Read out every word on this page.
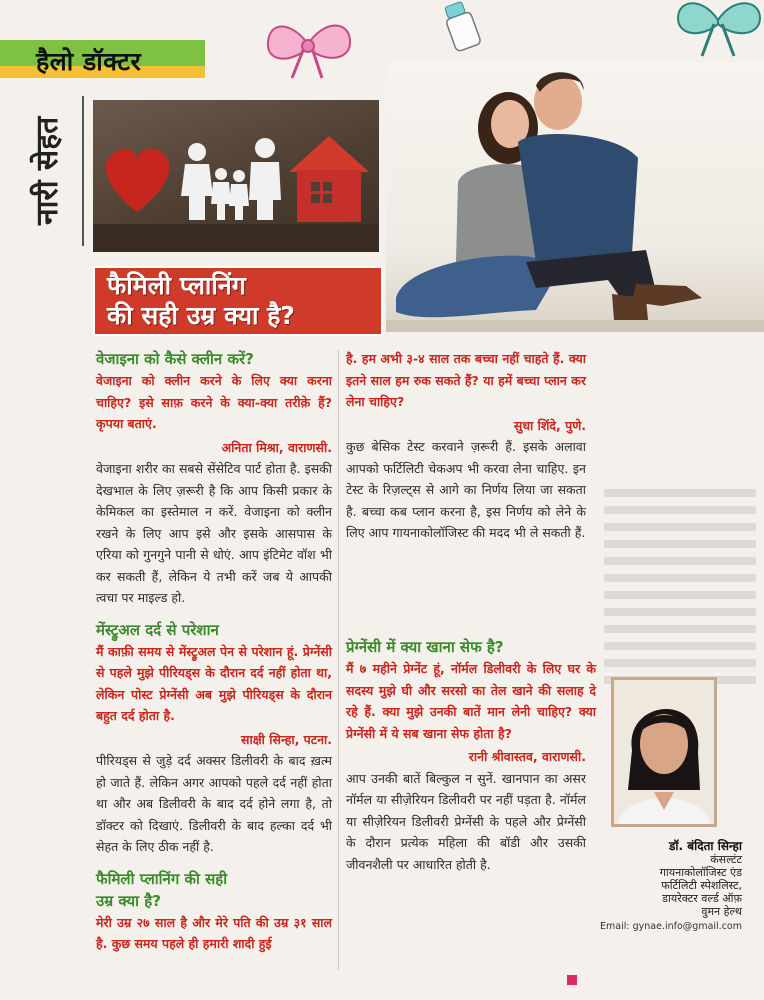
हैलो डॉक्टर
नारी सेहत
फैमिली प्लानिंग
की सही उम्र क्या है?

वेजाइना को कैसे क्लीन करें?

वेजाइना को क्लीन करने के लिए क्या करना चाहिए? इसे साफ़ करने के क्या-क्या तरीक़े हैं? कृपया बताएं.

अनिता मिश्रा, वाराणसी.

वेजाइना शरीर का सबसे सेंसेटिव पार्ट होता है. इसकी देखभाल के लिए ज़रूरी है कि आप किसी प्रकार के केमिकल का इस्तेमाल न करें. वेजाइना को क्लीन रखने के लिए आप इसे और इसके आसपास के एरिया को गुनगुने पानी से धोएं. आप इंटिमेट वॉश भी कर सकती हैं, लेकिन ये तभी करें जब ये आपकी त्वचा पर माइल्ड हो.

मेंस्ट्रुअल दर्द से परेशान

मैं काफ़ी समय से मेंस्ट्रुअल पेन से परेशान हूं. प्रेग्नेंसी से पहले मुझे पीरियड्स के दौरान दर्द नहीं होता था, लेकिन पोस्ट प्रेग्नेंसी अब मुझे पीरियड्स के दौरान बहुत दर्द होता है.

साक्षी सिन्हा, पटना.

पीरियड्स से जुड़े दर्द अक्सर डिलीवरी के बाद ख़त्म हो जाते हैं. लेकिन अगर आपको पहले दर्द नहीं होता था और अब डिलीवरी के बाद दर्द होने लगा है, तो डॉक्टर को दिखाएं. डिलीवरी के बाद हल्का दर्द भी सेहत के लिए ठीक नहीं है.

फैमिली प्लानिंग की सही उम्र क्या है?

मेरी उम्र २७ साल है और मेरे पति की उम्र ३१ साल है. कुछ समय पहले ही हमारी शादी हुई

है. हम अभी ३-४ साल तक बच्चा नहीं चाहते हैं. क्या इतने साल हम रुक सकते हैं? या हमें बच्चा प्लान कर लेना चाहिए?

सुधा शिंदे, पुणे.

कुछ बेसिक टेस्ट करवाने ज़रूरी हैं. इसके अलावा आपको फर्टिलिटी चेकअप भी करवा लेना चाहिए. इन टेस्ट के रिज़ल्ट्स से आगे का निर्णय लिया जा सकता है. बच्चा कब प्लान करना है, इस निर्णय को लेने के लिए आप गायनाकोलॉजिस्ट की मदद भी ले सकती हैं.

प्रेग्नेंसी में क्या खाना सेफ है?

मैं ७ महीने प्रेग्नेंट हूं, नॉर्मल डिलीवरी के लिए घर के सदस्य मुझे घी और सरसो का तेल खाने की सलाह दे रहे हैं. क्या मुझे उनकी बातें मान लेनी चाहिए? क्या प्रेग्नेंसी में ये सब खाना सेफ होता है?

रानी श्रीवास्तव, वाराणसी.

आप उनकी बातें बिल्कुल न सुनें. खानपान का असर नॉर्मल या सीज़ेरियन डिलीवरी पर नहीं पड़ता है. नॉर्मल या सीज़ेरियन डिलीवरी प्रेग्नेंसी के पहले और प्रेग्नेंसी के दौरान प्रत्येक महिला की बॉडी और उसकी जीवनशैली पर आधारित होती है.

डॉ. बंदिता सिन्हा
कंसल्टंट
गायनाकोलॉजिस्ट एंड
फर्टिलिटी स्पेशलिस्ट,
डायरेक्टर वर्ल्ड ऑफ़
वुमन हेल्थ
Email: gynae.info@gmail.com
